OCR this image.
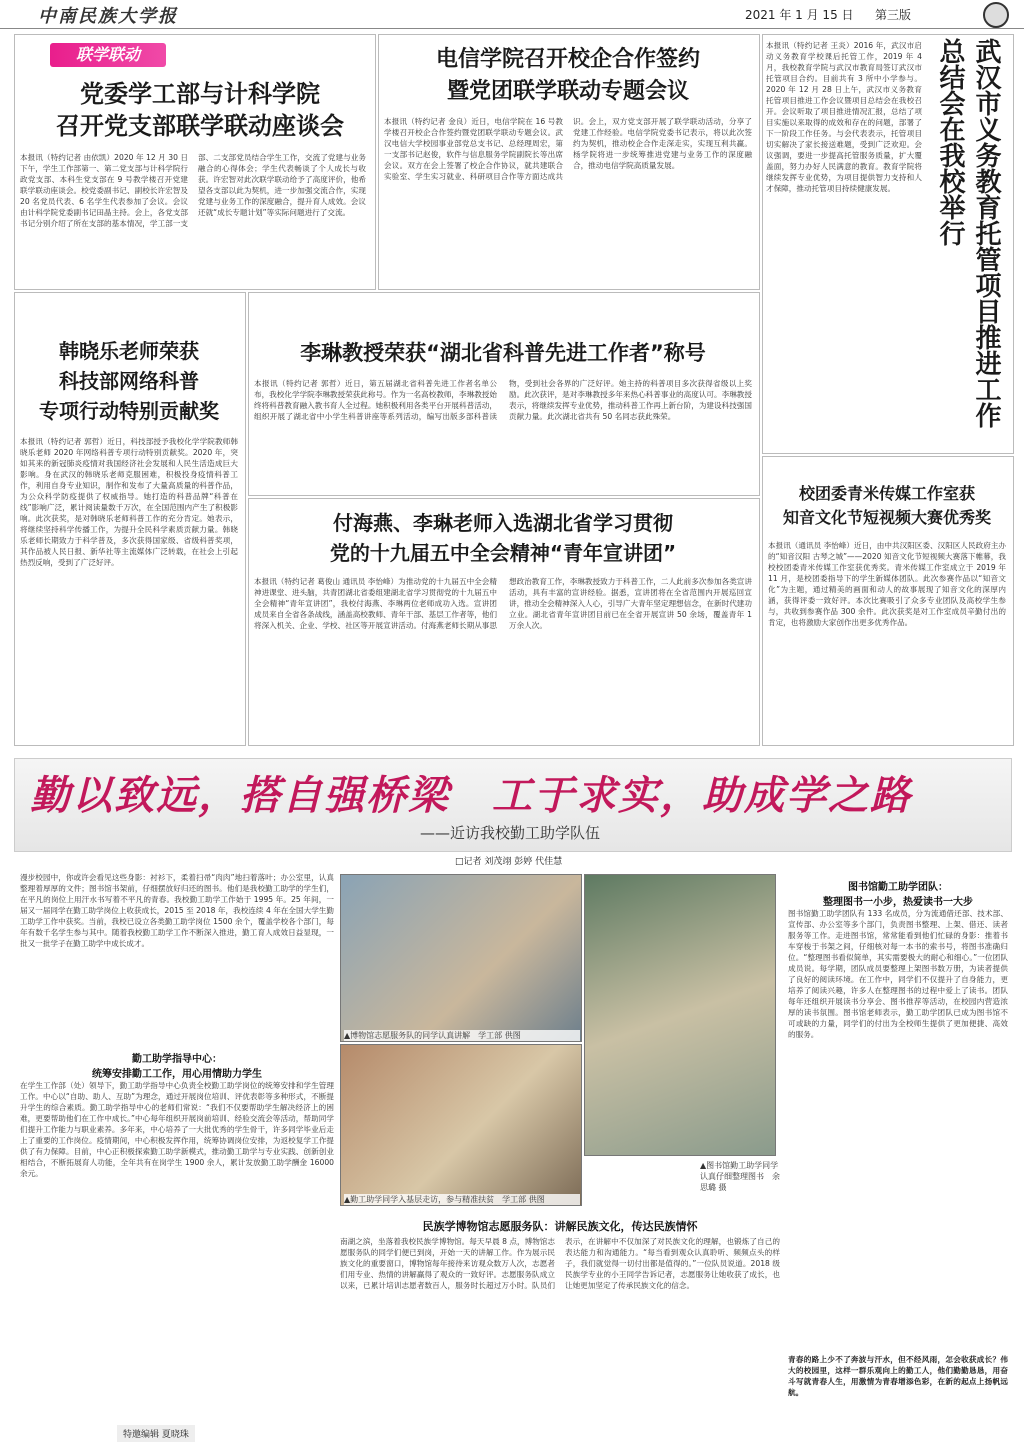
中南民族大学报	2021 年 1 月 15 日 第三版
联学联动
党委学工部与计科学院
召开党支部联学联动座谈会
本报讯（特约记者 由依凯）2020 年 12 月 30 日下午，学生工作部第一、第二党支部与计科学院行政党支部、本科生党支部在 9 号教学楼召开党建联学联动座谈会。校党委副书记、副校长许宏智及 20 名党员代表、6 名学生代表参加了会议。会议由计科学院党委副书记田晶主持。会上，各党支部书记分别介绍了所在支部的基本情况，学工部一支部、二支部党员结合学生工作，交流了党建与业务融合的心得体会；学生代表畅谈了个人成长与收获。许宏智对此次联学联动给予了高度评价，他希望各支部以此为契机，进一步加强交流合作，实现党建与业务工作的深度融合，提升育人成效。会议还就“成长专题计划”等实际问题进行了交流。
电信学院召开校企合作签约
暨党团联学联动专题会议
本报讯（特约记者 金良）近日，电信学院在 16 号教学楼召开校企合作签约暨党团联学联动专题会议。武汉电信大学校园事业部党总支书记、总经理周宏，第一支部书记赵俊，软件与信息服务学院副院长等出席会议。双方在会上签署了校企合作协议，就共建联合实验室、学生实习就业、科研项目合作等方面达成共识。会上，双方党支部开展了联学联动活动，分享了党建工作经验。电信学院党委书记表示，将以此次签约为契机，推动校企合作走深走实，实现互利共赢。杨学院将进一步统筹推进党建与业务工作的深度融合，推动电信学院高质量发展。	武汉市义务教育托管项目推进工作总结会在我校举行
本报讯（特约记者 王炎）2016 年，武汉市启动义务教育学校课后托管工作，2019 年 4 月，我校教育学院与武汉市教育局签订武汉市托管项目合约。目前共有 3 所中小学参与。2020 年 12 月 28 日上午，武汉市义务教育托管项目推进工作会议暨项目总结会在我校召开。会议听取了项目推进情况汇报，总结了项目实施以来取得的成效和存在的问题，部署了下一阶段工作任务。与会代表表示，托管项目切实解决了家长接送难题，受到广泛欢迎。会议强调，要进一步提高托管服务质量，扩大覆盖面，努力办好人民满意的教育。教育学院将继续发挥专业优势，为项目提供智力支持和人才保障，推动托管项目持续健康发展。
韩晓乐老师荣获
科技部网络科普
专项行动特别贡献奖
本报讯（特约记者 郭哲）近日，科技部授予我校化学学院教师韩晓乐老师 2020 年网络科普专项行动特别贡献奖。2020 年，突如其来的新冠肺炎疫情对我国经济社会发展和人民生活造成巨大影响。身在武汉的韩晓乐老师克服困难，积极投身疫情科普工作，利用自身专业知识，制作和发布了大量高质量的科普作品，为公众科学防疫提供了权威指导。她打造的科普品牌“科普在线”影响广泛，累计阅读量数千万次，在全国范围内产生了积极影响。此次获奖，是对韩晓乐老师科普工作的充分肯定。她表示，将继续坚持科学传播工作，为提升全民科学素质贡献力量。韩晓乐老师长期致力于科学普及，多次获得国家级、省级科普奖项，其作品被人民日报、新华社等主流媒体广泛转载，在社会上引起热烈反响，受到了广泛好评。
李琳教授荣获“湖北省科普先进工作者”称号
本报讯（特约记者 郭哲）近日，第五届湖北省科普先进工作者名单公布，我校化学学院李琳教授荣获此称号。作为一名高校教师，李琳教授始终将科普教育融入教书育人全过程。她积极利用各类平台开展科普活动，组织开展了湖北省中小学生科普讲座等系列活动，编写出版多部科普读物，受到社会各界的广泛好评。她主持的科普项目多次获得省级以上奖励。此次获评，是对李琳教授多年来热心科普事业的高度认可。李琳教授表示，将继续发挥专业优势，推动科普工作再上新台阶，为建设科技强国贡献力量。此次湖北省共有 50 名同志获此殊荣。
付海燕、李琳老师入选湖北省学习贯彻
党的十九届五中全会精神“青年宣讲团”
本报讯（特约记者 葛俊山 通讯员 李怡峰）为推动党的十九届五中全会精神进课堂、进头脑，共青团湖北省委组建湖北省学习贯彻党的十九届五中全会精神“青年宣讲团”，我校付海燕、李琳两位老师成功入选。宣讲团成员来自全省各条战线，涵盖高校教师、青年干部、基层工作者等，他们将深入机关、企业、学校、社区等开展宣讲活动。付海燕老师长期从事思想政治教育工作，李琳教授致力于科普工作，二人此前多次参加各类宣讲活动，具有丰富的宣讲经验。据悉，宣讲团将在全省范围内开展巡回宣讲，推动全会精神深入人心，引导广大青年坚定理想信念，在新时代建功立业。湖北省青年宣讲团目前已在全省开展宣讲 50 余场，覆盖青年 1 万余人次。
校团委青米传媒工作室获
知音文化节短视频大赛优秀奖
本报讯（通讯员 李怡峰）近日，由中共汉阳区委、汉阳区人民政府主办的“知音汉阳 古琴之城”——2020 知音文化节短视频大赛落下帷幕，我校校团委青米传媒工作室获优秀奖。青米传媒工作室成立于 2019 年 11 月，是校团委指导下的学生新媒体团队。此次参赛作品以“知音文化”为主题，通过精美的画面和动人的故事展现了知音文化的深厚内涵，获得评委一致好评。本次比赛吸引了众多专业团队及高校学生参与，共收到参赛作品 300 余件。此次获奖是对工作室成员辛勤付出的肯定，也将激励大家创作出更多优秀作品。
勤以致远，搭自强桥梁　工于求实，助成学之路
——近访我校勤工助学队伍
□记者 刘茂翊 彭婷 代佳慧
漫步校园中，你或许会看见这些身影：衬衫下，柔着扫帚“肉肉”地扫着落叶；办公室里，认真整理着厚厚的文件；图书馆书架前，仔细摆放好归还的图书。他们是我校勤工助学的学生们，在平凡的岗位上用汗水书写着不平凡的青春。我校勤工助学工作始于 1995 年。25 年间，一届又一届同学在勤工助学岗位上收获成长，2015 至 2018 年，我校连续 4 年在全国大学生勤工助学工作中获奖。当前，我校已设立各类勤工助学岗位 1500 余个，覆盖学校各个部门，每年有数千名学生参与其中。随着我校勤工助学工作不断深入推进，勤工育人成效日益显现，一批又一批学子在勤工助学中成长成才。
勤工助学指导中心：
统筹安排勤工工作，用心用情助力学生
在学生工作部（处）领导下，勤工助学指导中心负责全校勤工助学岗位的统筹安排和学生管理工作。中心以“自助、助人、互助”为理念，通过开展岗位培训、评优表彰等多种形式，不断提升学生的综合素质。勤工助学指导中心的老师们常说：“我们不仅要帮助学生解决经济上的困难，更要帮助他们在工作中成长。”中心每年组织开展岗前培训、经验交流会等活动，帮助同学们提升工作能力与职业素养。多年来，中心培养了一大批优秀的学生骨干，许多同学毕业后走上了重要的工作岗位。疫情期间，中心积极发挥作用，统筹协调岗位安排，为返校复学工作提供了有力保障。目前，中心正积极探索勤工助学新模式，推动勤工助学与专业实践、创新创业相结合，不断拓展育人功能，全年共有在岗学生 1900 余人，累计发放勤工助学酬金 16000 余元。
▲博物馆志愿服务队的同学认真讲解　学工部 供图
▲勤工助学同学入基层走访，参与精准扶贫　学工部 供图
▲图书馆勤工助学同学认真仔细整理图书　余思璐 摄
民族学博物馆志愿服务队：讲解民族文化，传达民族情怀
南湖之滨，坐落着我校民族学博物馆。每天早晨 8 点，博物馆志愿服务队的同学们便已到岗，开始一天的讲解工作。作为展示民族文化的重要窗口，博物馆每年接待来访观众数万人次，志愿者们用专业、热情的讲解赢得了观众的一致好评。志愿服务队成立以来，已累计培训志愿者数百人，服务时长超过万小时。队员们表示，在讲解中不仅加深了对民族文化的理解，也锻炼了自己的表达能力和沟通能力。“每当看到观众认真聆听、频频点头的样子，我们就觉得一切付出都是值得的。”一位队员说道。2018 级民族学专业的小王同学告诉记者，志愿服务让她收获了成长，也让她更加坚定了传承民族文化的信念。
图书馆勤工助学团队：
整理图书一小步，热爱读书一大步
图书馆勤工助学团队有 133 名成员，分为流通借还部、技术部、宣传部、办公室等多个部门，负责图书整理、上架、借还、读者服务等工作。走进图书馆，常常能看到他们忙碌的身影：推着书车穿梭于书架之间，仔细核对每一本书的索书号，将图书准确归位。“整理图书看似简单，其实需要极大的耐心和细心。”一位团队成员说。每学期，团队成员要整理上架图书数万册，为读者提供了良好的阅读环境。在工作中，同学们不仅提升了自身能力，更培养了阅读兴趣，许多人在整理图书的过程中爱上了读书。团队每年还组织开展读书分享会、图书推荐等活动，在校园内营造浓厚的读书氛围。图书馆老师表示，勤工助学团队已成为图书馆不可或缺的力量，同学们的付出为全校师生提供了更加便捷、高效的服务。
青春的路上少不了奔波与汗水，但不经风雨，怎会收获成长？伟大的校园里，这样一群乐观向上的勤工人，他们勤勤恳恳，用奋斗写就青春人生，用激情为青春增添色彩，在新的起点上扬帆远航。
特邀编辑 夏晓珠
